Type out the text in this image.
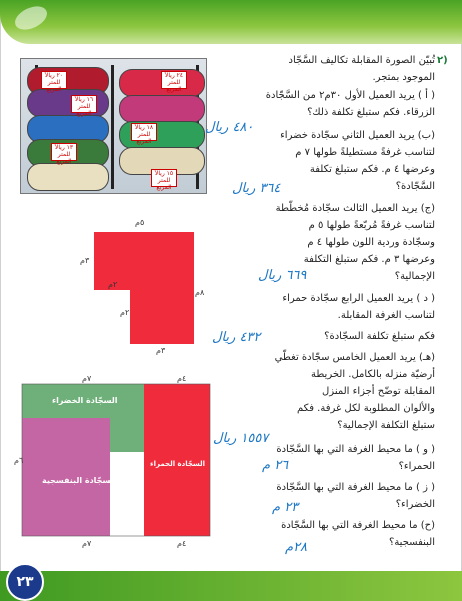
٢٠ ريالاً للمتر المربع
١٦ ريالاً للمتر المربع
١٣ ريالاً للمتر المربع
٢٤ ريالاً للمتر المربع
١٨ ريالاً للمتر المربع
١٥ ريالاً للمتر المربع
٢)
تُبيّن الصورة المقابلة تكاليف السَّجّاد
الموجود بمتجر.
( أ ) يريد العميل الأول ٣٠م٢ من السَّجّادة
الزرقاء. فكم ستبلغ تكلفة ذلك؟
٤٨٠ ريال
(ب) يريد العميل الثاني سجّادة خضراء
لتناسب غرفةً مستطيلةً طولها ٧ م
وعرضها ٤ م. فكم ستبلغ تكلفة
السَّجّادة؟
٣٦٤ ريال
(ج) يريد العميل الثالث سجّادة مُخطّطة
لتناسب غرفةً مُربّعةً طولها ٥ م
وسجّادة وردية اللون طولها ٤ م
وعرضها ٣ م. فكم ستبلغ التكلفة
الإجمالية؟
٦٦٩ ريال
( د ) يريد العميل الرابع سجّادة حمراء
لتناسب الغرفة المقابلة.
فكم ستبلغ تكلفة السجّادة؟
٤٣٢ ريال
(هـ) يريد العميل الخامس سجّادة تغطّي
أرضيّة منزله بالكامل. الخريطة
المقابلة توضّح أجزاء المنزل
والألوان المطلوبة لكل غرفة. فكم
ستبلغ التكلفة الإجمالية؟
١٥٥٧ ريال
( و ) ما محيط الغرفة التي بها السَّجّادة
الحمراء؟
٢٦ م
( ز ) ما محيط الغرفة التي بها السَّجّادة
الخضراء؟
٢٣ م
(ح) ما محيط الغرفة التي بها السَّجّادة
البنفسجية؟
٢٨م
٥م
٣م
٢م
٢م
٨م
٣م
السجّادة الخضراء
السجّادة البنفسجية
السجّادة الحمراء
٧م	٤م
٧م	٤م
٦م
٢٣
